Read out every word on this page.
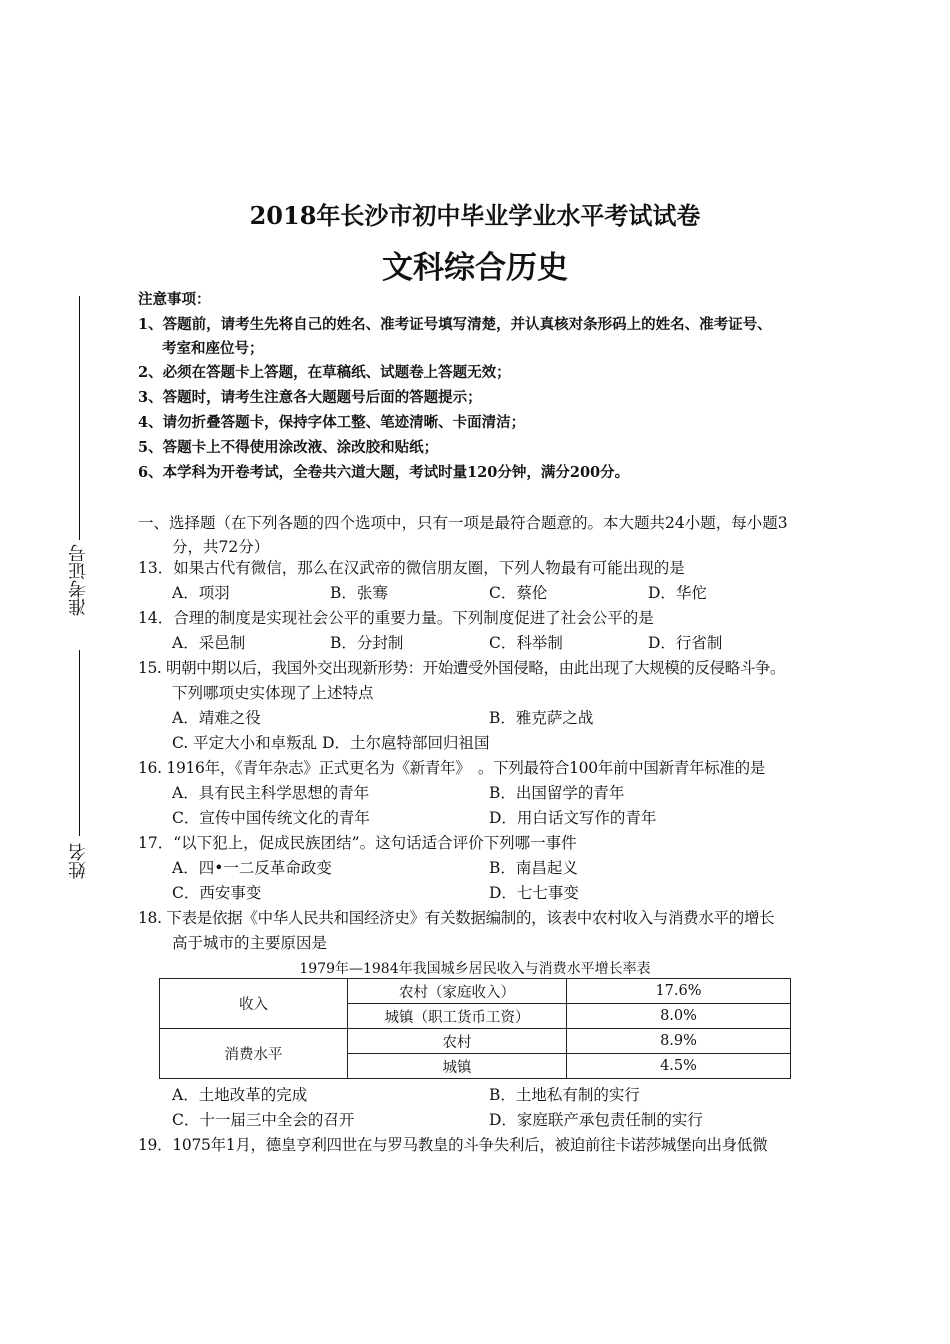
2018年长沙市初中毕业学业水平考试试卷
文科综合历史
准考证号
姓名
注意事项：
1、答题前，请考生先将自己的姓名、准考证号填写清楚，并认真核对条形码上的姓名、准考证号、
考室和座位号；
2、必须在答题卡上答题，在草稿纸、试题卷上答题无效；
3、答题时，请考生注意各大题题号后面的答题提示；
4、请勿折叠答题卡，保持字体工整、笔迹清晰、卡面清洁；
5、答题卡上不得使用涂改液、涂改胶和贴纸；
6、本学科为开卷考试，全卷共六道大题，考试时量120分钟，满分200分。
一、选择题（在下列各题的四个选项中，只有一项是最符合题意的。本大题共24小题，每小题3
分，共72分）
13．如果古代有微信，那么在汉武帝的微信朋友圈，下列人物最有可能出现的是
A．项羽	B．张骞	C．蔡伦	D．华佗
14．合理的制度是实现社会公平的重要力量。下列制度促进了社会公平的是
A．采邑制	B．分封制	C．科举制	D．行省制
15. 明朝中期以后，我国外交出现新形势：开始遭受外国侵略，由此出现了大规模的反侵略斗争。
下列哪项史实体现了上述特点
A．靖难之役	B．雅克萨之战
C. 平定大小和卓叛乱 D．土尔扈特部回归祖国
16. 1916年，《青年杂志》正式更名为《新青年》　。下列最符合100年前中国新青年标准的是
A．具有民主科学思想的青年	B．出国留学的青年
C．宣传中国传统文化的青年	D．用白话文写作的青年
17．“以下犯上，促成民族团结”。这句话适合评价下列哪一事件
A．四•一二反革命政变	B．南昌起义
C．西安事变	D．七七事变
18. 下表是依据《中华人民共和国经济史》有关数据编制的，该表中农村收入与消费水平的增长
高于城市的主要原因是
1979年—1984年我国城乡居民收入与消费水平增长率表
收入	农村（家庭收入）	17.6%
	城镇（职工货币工资）	8.0%
消费水平	农村	8.9%
	城镇	4.5%
A．土地改革的完成	B．土地私有制的实行
C．十一届三中全会的召开	D．家庭联产承包责任制的实行
19．1075年1月，德皇亨利四世在与罗马教皇的斗争失利后，被迫前往卡诺莎城堡向出身低微
